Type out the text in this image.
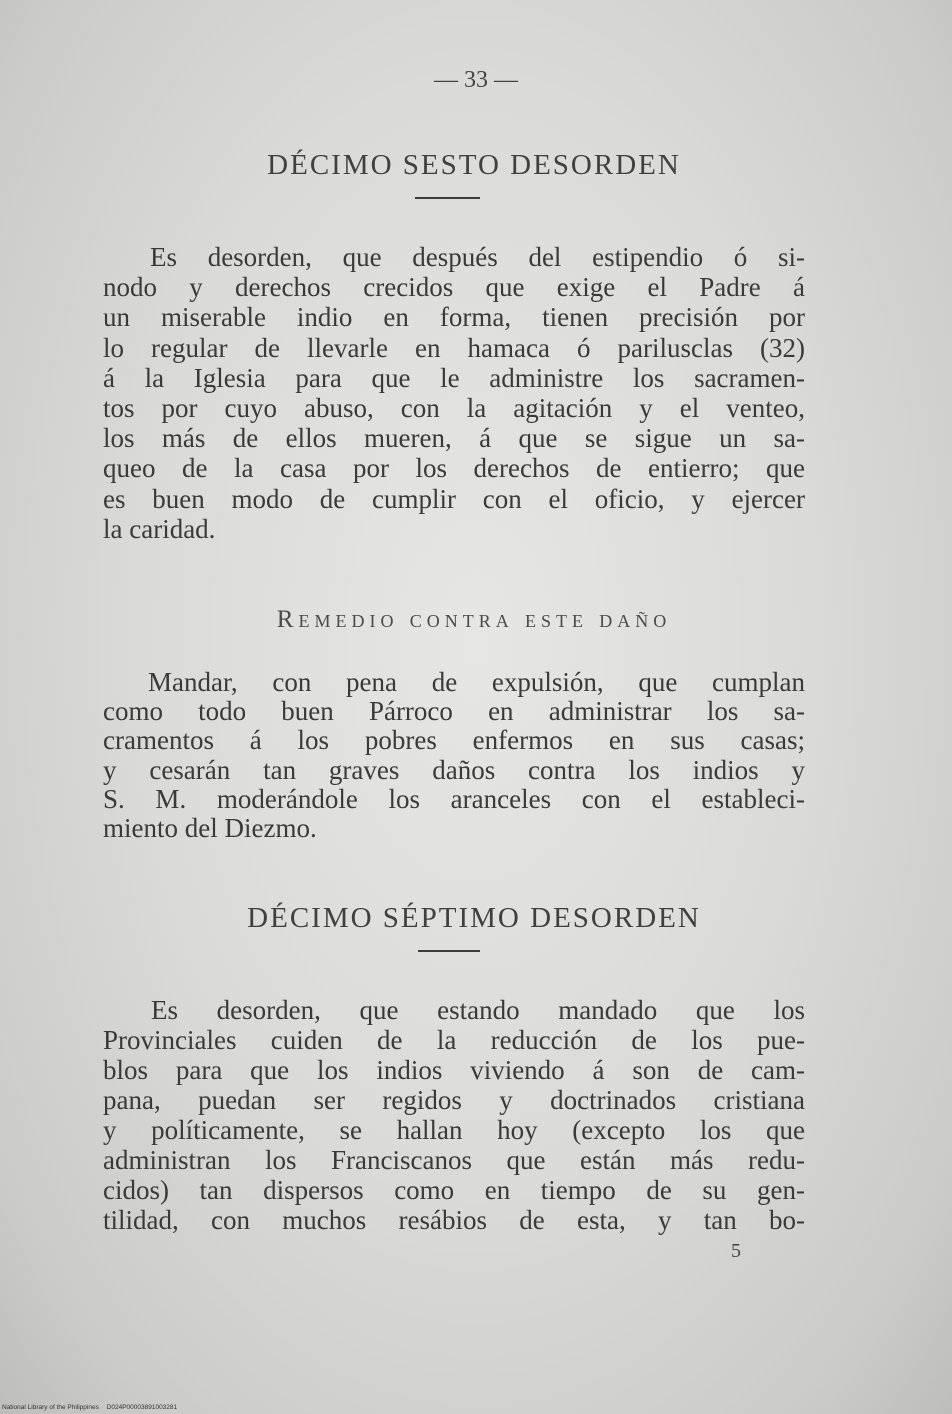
— 33 —
DÉCIMO SESTO DESORDEN
Es desorden, que después del estipendio ó si-
nodo y derechos crecidos que exige el Padre á
un miserable indio en forma, tienen precisión por
lo regular de llevarle en hamaca ó parilusclas (32)
á la Iglesia para que le administre los sacramen-
tos por cuyo abuso, con la agitación y el venteo,
los más de ellos mueren, á que se sigue un sa-
queo de la casa por los derechos de entierro; que
es buen modo de cumplir con el oficio, y ejercer
la caridad.
Remedio contra este daño
Mandar, con pena de expulsión, que cumplan
como todo buen Párroco en administrar los sa-
cramentos á los pobres enfermos en sus casas;
y cesarán tan graves daños contra los indios y
S. M. moderándole los aranceles con el estableci-
miento del Diezmo.
DÉCIMO SÉPTIMO DESORDEN
Es desorden, que estando mandado que los
Provinciales cuiden de la reducción de los pue-
blos para que los indios viviendo á son de cam-
pana, puedan ser regidos y doctrinados cristiana
y políticamente, se hallan hoy (excepto los que
administran los Franciscanos que están más redu-
cidos) tan dispersos como en tiempo de su gen-
tilidad, con muchos resábios de esta, y tan bo-
5
National Library of the Philippines D024P00003891003281
